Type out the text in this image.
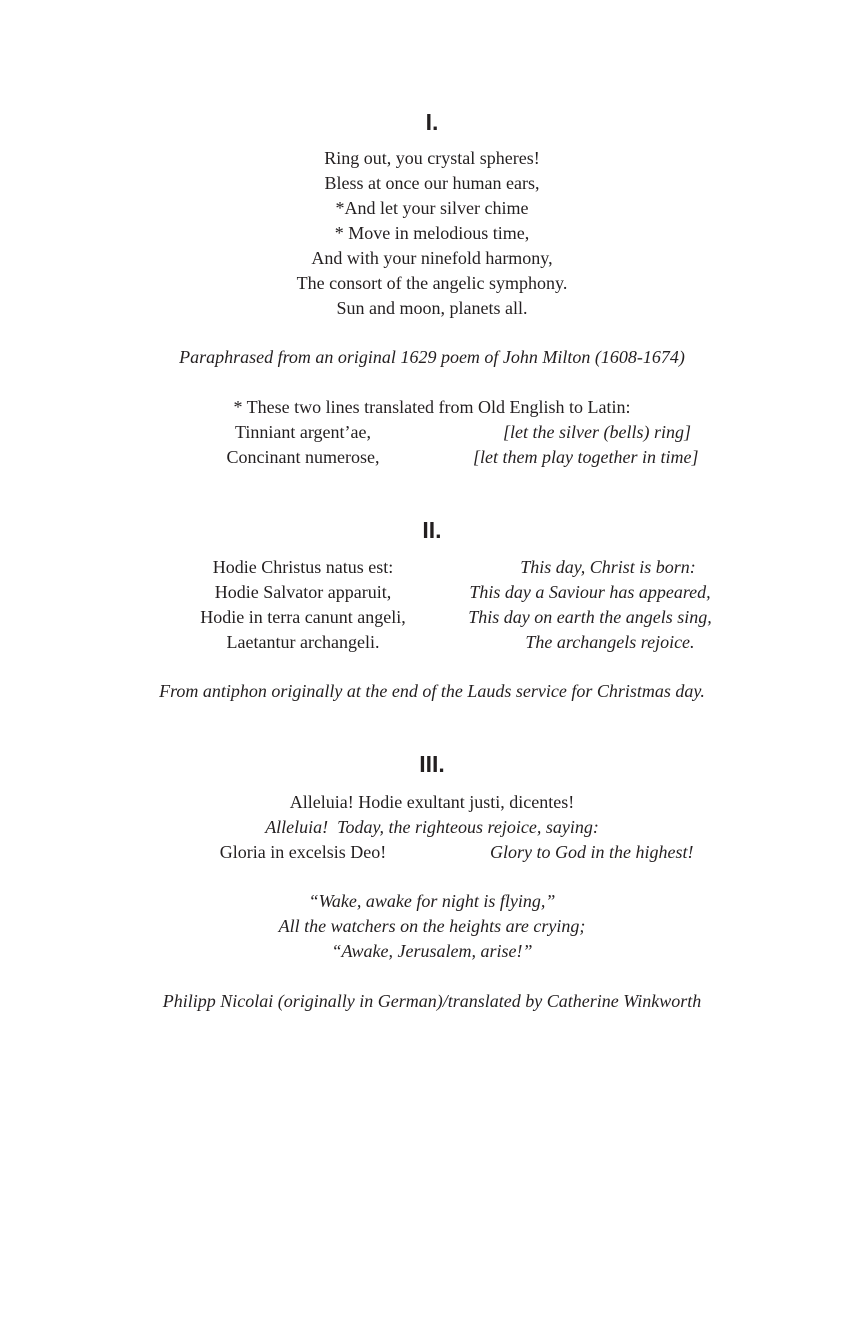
I.
Ring out, you crystal spheres!
Bless at once our human ears,
*And let your silver chime
* Move in melodious time,
And with your ninefold harmony,
The consort of the angelic symphony.
Sun and moon, planets all.
Paraphrased from an original 1629 poem of John Milton (1608-1674)
* These two lines translated from Old English to Latin:
Tinniant argent’ae,	[let the silver (bells) ring]
Concinant numerose,	[let them play together in time]
II.
Hodie Christus natus est:	This day, Christ is born:
Hodie Salvator apparuit,	This day a Saviour has appeared,
Hodie in terra canunt angeli,	This day on earth the angels sing,
Laetantur archangeli.	The archangels rejoice.
From antiphon originally at the end of the Lauds service for Christmas day.
III.
Alleluia! Hodie exultant justi, dicentes!
Alleluia!  Today, the righteous rejoice, saying:
Gloria in excelsis Deo!	Glory to God in the highest!
“Wake, awake for night is flying,”
All the watchers on the heights are crying;
“Awake, Jerusalem, arise!”
Philipp Nicolai (originally in German)/translated by Catherine Winkworth
